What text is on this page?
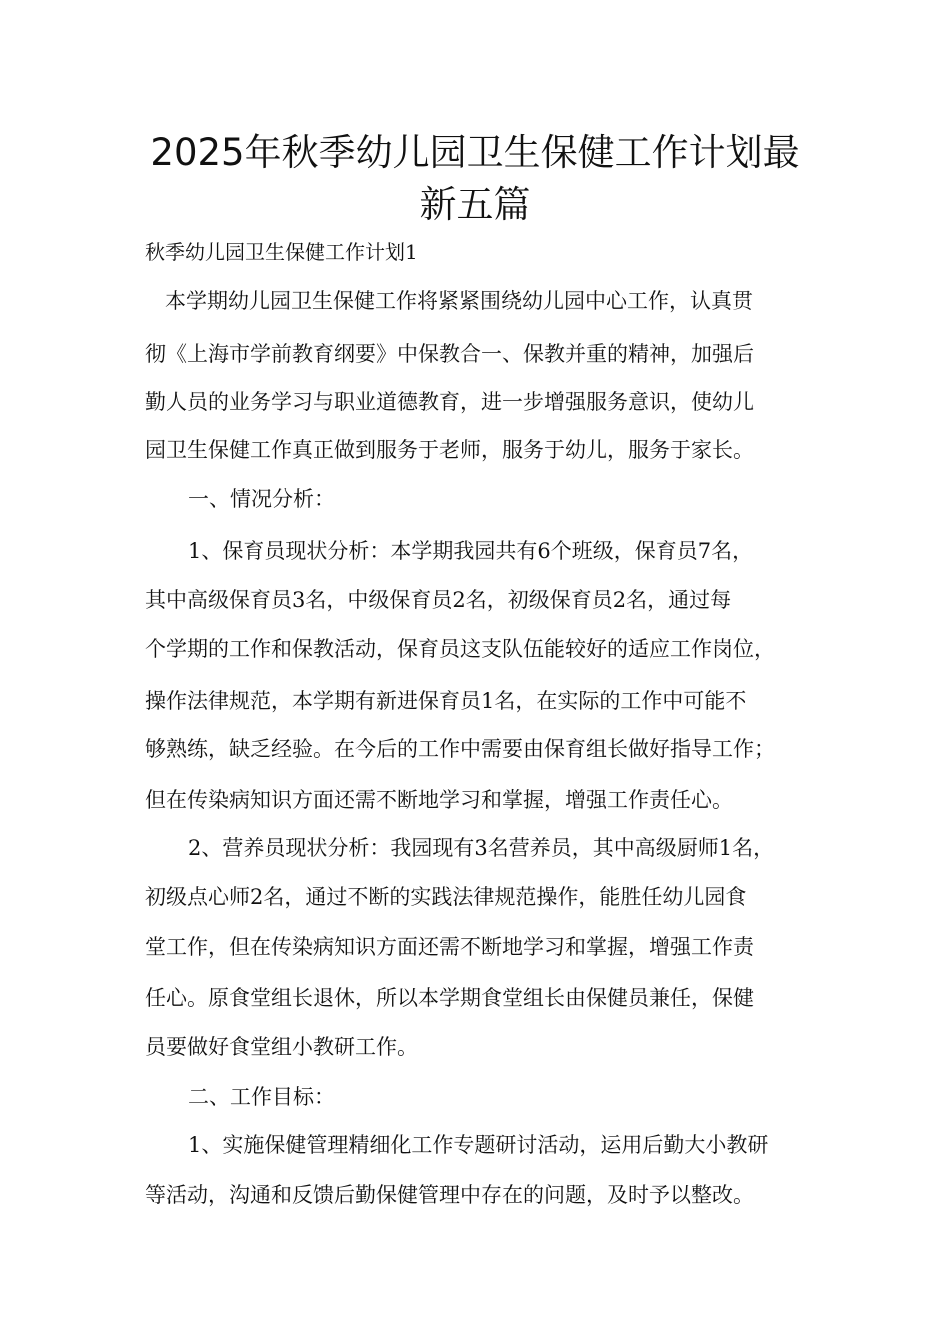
2025年秋季幼儿园卫生保健工作计划最
新五篇
秋季幼儿园卫生保健工作计划1
本学期幼儿园卫生保健工作将紧紧围绕幼儿园中心工作，认真贯
彻《上海市学前教育纲要》中保教合一、保教并重的精神，加强后
勤人员的业务学习与职业道德教育，进一步增强服务意识，使幼儿
园卫生保健工作真正做到服务于老师，服务于幼儿，服务于家长。
一、情况分析：
1、保育员现状分析：本学期我园共有6个班级，保育员7名，
其中高级保育员3名，中级保育员2名，初级保育员2名，通过每
个学期的工作和保教活动，保育员这支队伍能较好的适应工作岗位，
操作法律规范，本学期有新进保育员1名，在实际的工作中可能不
够熟练，缺乏经验。在今后的工作中需要由保育组长做好指导工作；
但在传染病知识方面还需不断地学习和掌握，增强工作责任心。
2、营养员现状分析：我园现有3名营养员，其中高级厨师1名，
初级点心师2名，通过不断的实践法律规范操作，能胜任幼儿园食
堂工作，但在传染病知识方面还需不断地学习和掌握，增强工作责
任心。原食堂组长退休，所以本学期食堂组长由保健员兼任，保健
员要做好食堂组小教研工作。
二、工作目标：
1、实施保健管理精细化工作专题研讨活动，运用后勤大小教研
等活动，沟通和反馈后勤保健管理中存在的问题，及时予以整改。
